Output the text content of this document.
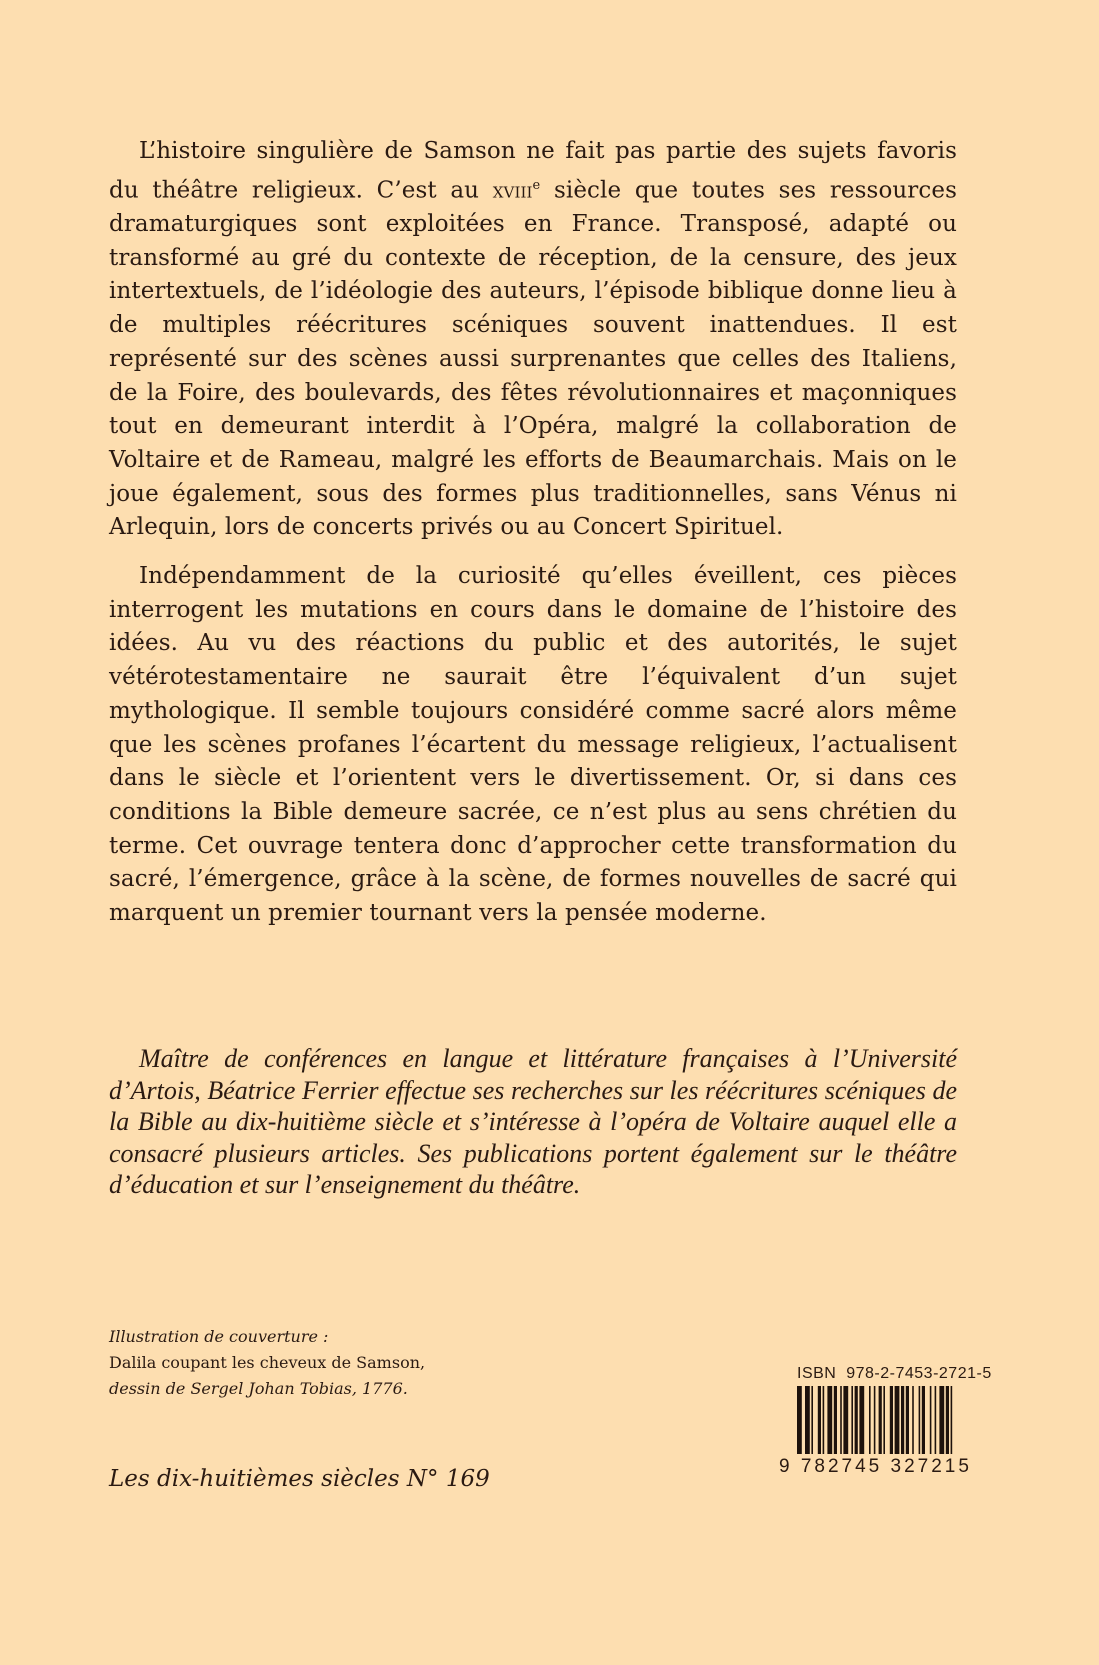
L’histoire singulière de Samson ne fait pas partie des sujets favoris du théâtre religieux. C’est au xviii$^e$ siècle que toutes ses ressources dramaturgiques sont exploitées en France. Transposé, adapté ou transformé au gré du contexte de réception, de la censure, des jeux intertextuels, de l’idéologie des auteurs, l’épisode biblique donne lieu à de multiples réécritures scéniques souvent inattendues. Il est représenté sur des scènes aussi surprenantes que celles des Italiens, de la Foire, des boulevards, des fêtes révolutionnaires et maçonniques tout en demeurant interdit à l’Opéra, malgré la collaboration de Voltaire et de Rameau, malgré les efforts de Beaumarchais. Mais on le joue également, sous des formes plus traditionnelles, sans Vénus ni Arlequin, lors de concerts privés ou au Concert Spirituel.

Indépendamment de la curiosité qu’elles éveillent, ces pièces interrogent les mutations en cours dans le domaine de l’histoire des idées. Au vu des réactions du public et des autorités, le sujet vétérotestamentaire ne saurait être l’équivalent d’un sujet mythologique. Il semble toujours considéré comme sacré alors même que les scènes profanes l’écartent du message religieux, l’actualisent dans le siècle et l’orientent vers le divertissement. Or, si dans ces conditions la Bible demeure sacrée, ce n’est plus au sens chrétien du terme. Cet ouvrage tentera donc d’approcher cette transformation du sacré, l’émergence, grâce à la scène, de formes nouvelles de sacré qui marquent un premier tournant vers la pensée moderne.

Maître de conférences en langue et littérature françaises à l’Université d’Artois, Béatrice Ferrier effectue ses recherches sur les réécritures scéniques de la Bible au dix-huitième siècle et s’intéresse à l’opéra de Voltaire auquel elle a consacré plusieurs articles. Ses publications portent également sur le théâtre d’éducation et sur l’enseignement du théâtre.

Illustration de couverture :
Dalila coupant les cheveux de Samson,
dessin de Sergel Johan Tobias, 1776.
Les dix-huitièmes siècles N° 169
ISBN  978-2-7453-2721-5
9 782745 327215
